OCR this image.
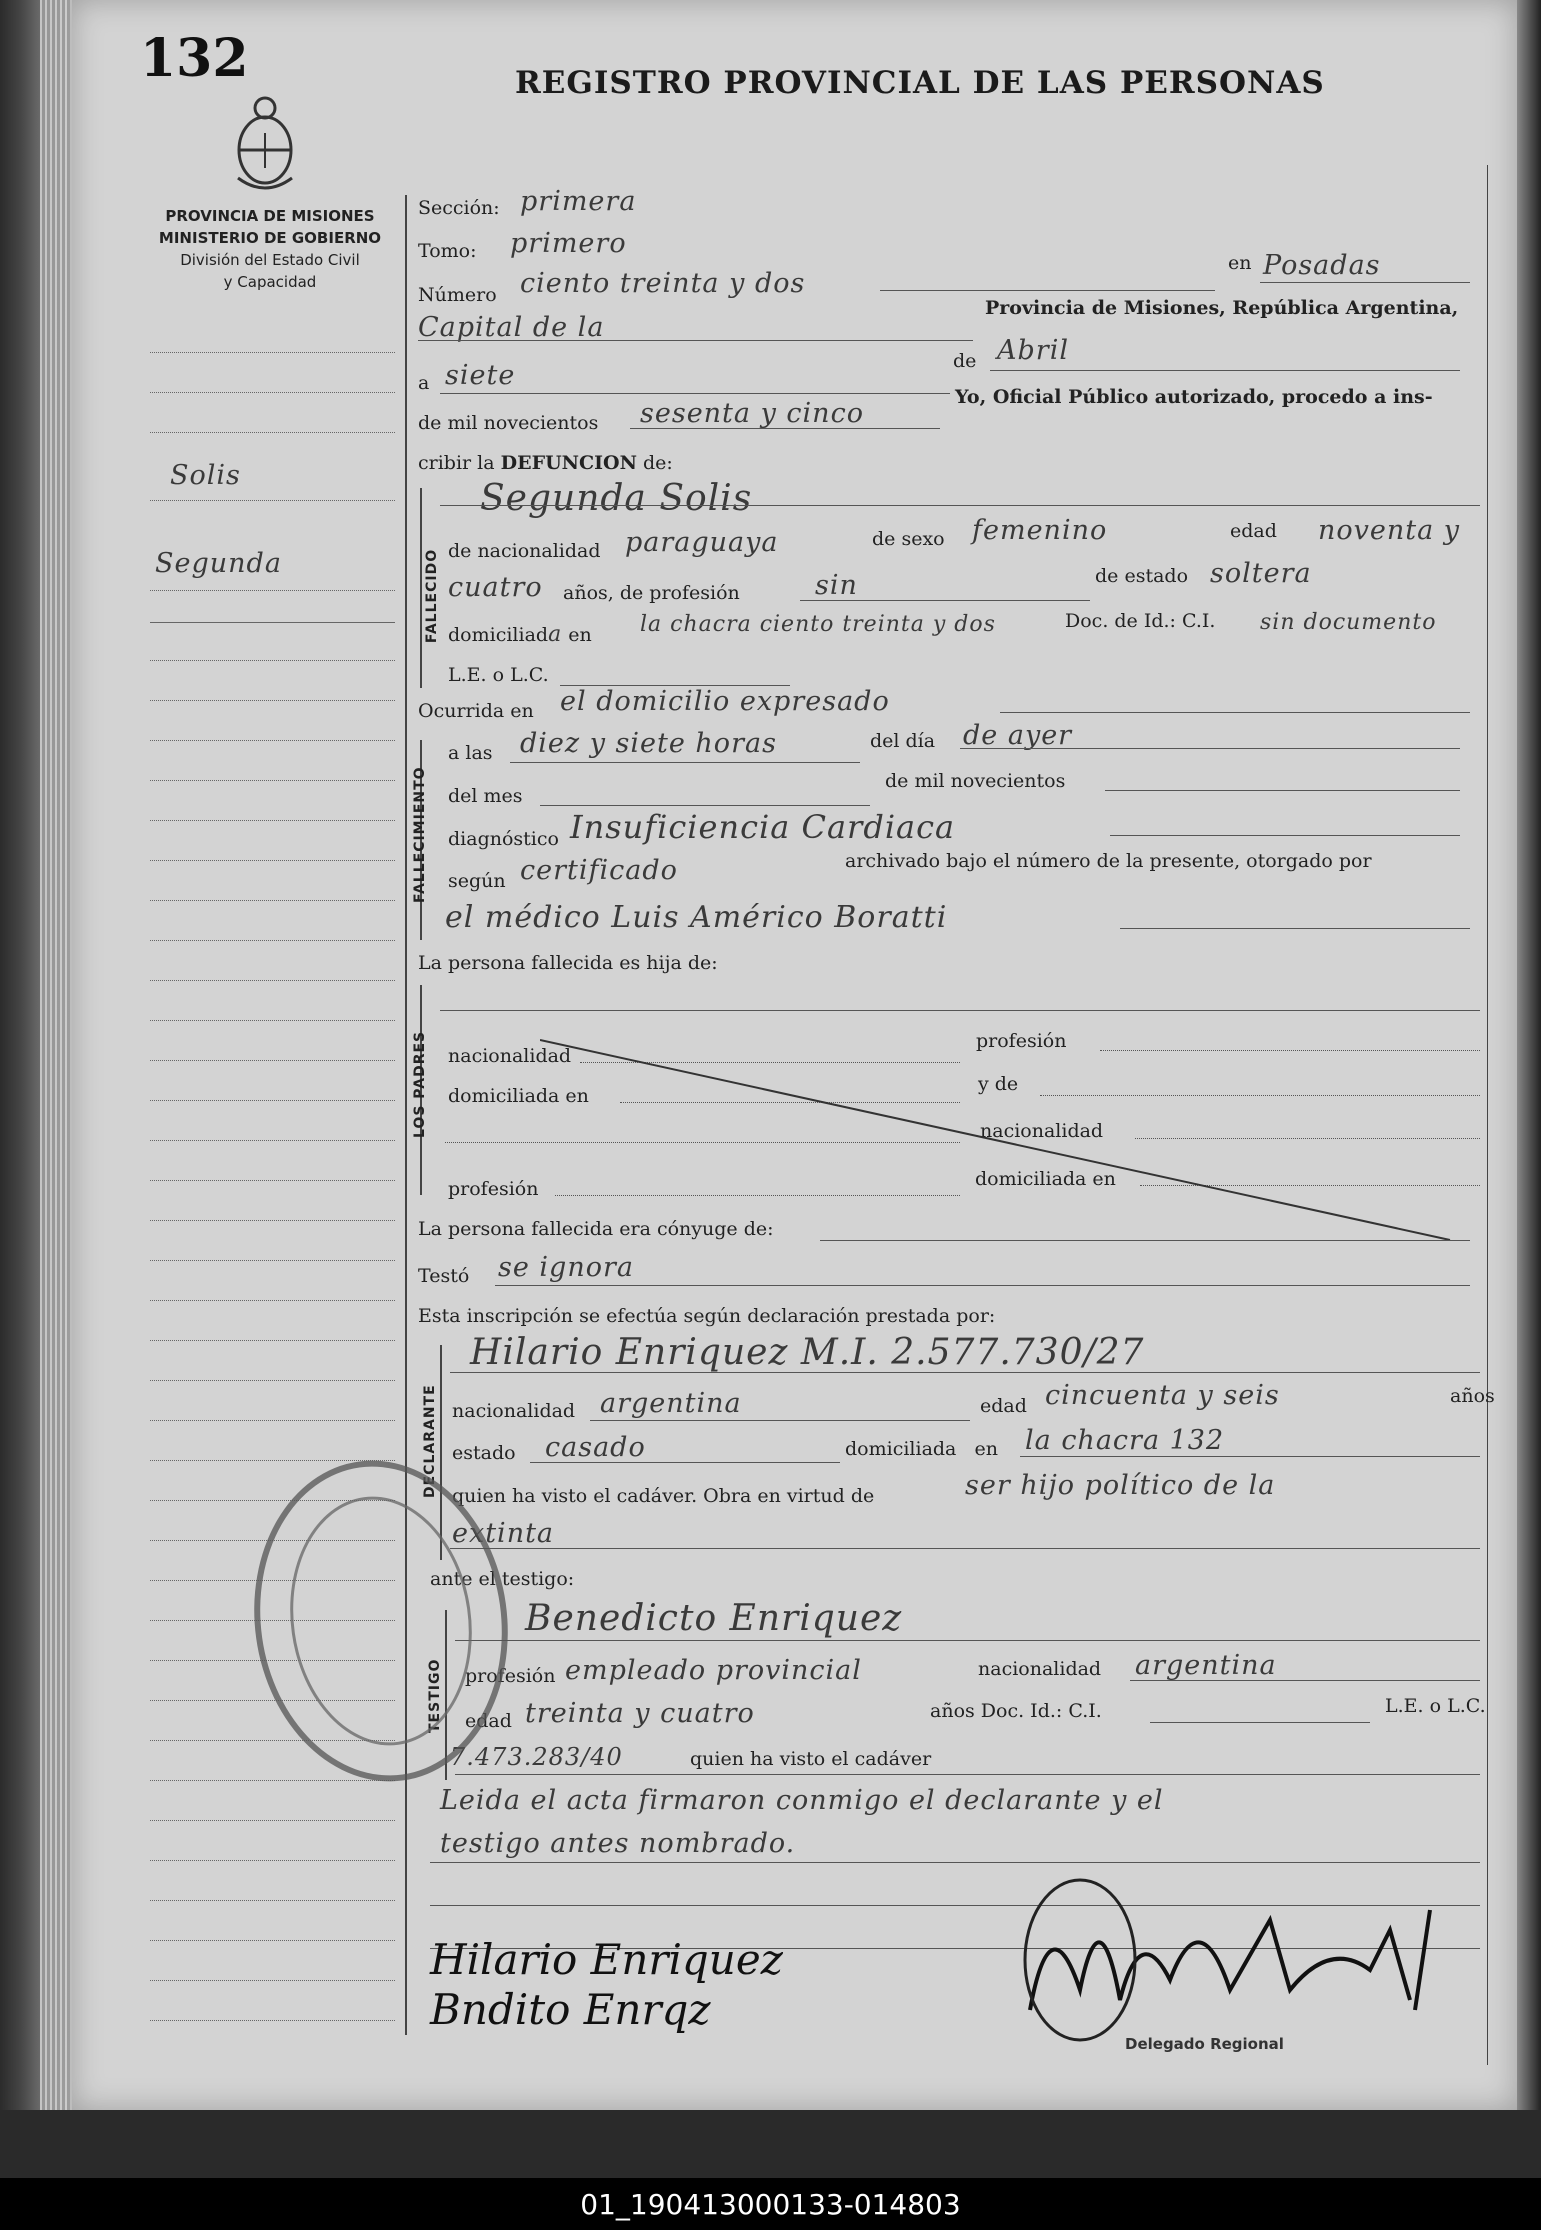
01_190413000133-014803
132	REGISTRO PROVINCIAL DE LAS PERSONAS
PROVINCIA DE MISIONES
MINISTERIO DE GOBIERNO
División del Estado Civil
y Capacidad
Solis
Segunda
Sección: primera
Tomo: primero
Número ciento treinta y dos
en Posadas
Capital de la
Provincia de Misiones, República Argentina,
a siete	de Abril
de mil novecientos sesenta y cinco
Yo, Oficial Público autorizado, procedo a ins-
cribir la DEFUNCION de:
FALLECIDO
Segunda Solis
de nacionalidad paraguaya	de sexo femenino	edad noventa y
cuatro años, de profesión	sin	de estado soltera
domiciliada en la chacra ciento treinta y dos	Doc. de Id.: C.I. sin documento
L.E. o L.C.
Ocurrida en el domicilio expresado
FALLECIMIENTO
a las diez y siete horas	del día de ayer
del mes
de mil novecientos
diagnóstico Insuficiencia Cardiaca
según certificado	archivado bajo el número de la presente, otorgado por
el médico Luis Américo Boratti
La persona fallecida es hija de:
LOS PADRES nacionalidad
profesión
domiciliada en
y de
nacionalidad
profesión	domiciliada en
La persona fallecida era cónyuge de:
Testó se ignora
Esta inscripción se efectúa según declaración prestada por:
DECLARANTE
Hilario Enriquez M.I. 2.577.730/27
nacionalidad argentina	edad cincuenta y seis	años
estado casado	domiciliada en la chacra 132
quien ha visto el cadáver. Obra en virtud de	ser hijo político de la
extinta
ante el testigo:
TESTIGO
Benedicto Enriquez
profesión empleado provincial	nacionalidad argentina
edad treinta y cuatro	años Doc. Id.: C.I.	L.E. o L.C.
7.473.283/40	quien ha visto el cadáver
Leida el acta firmaron conmigo el declarante y el
testigo antes nombrado.
Hilario Enriquez
Bndito Enrqz
Delegado Regional
